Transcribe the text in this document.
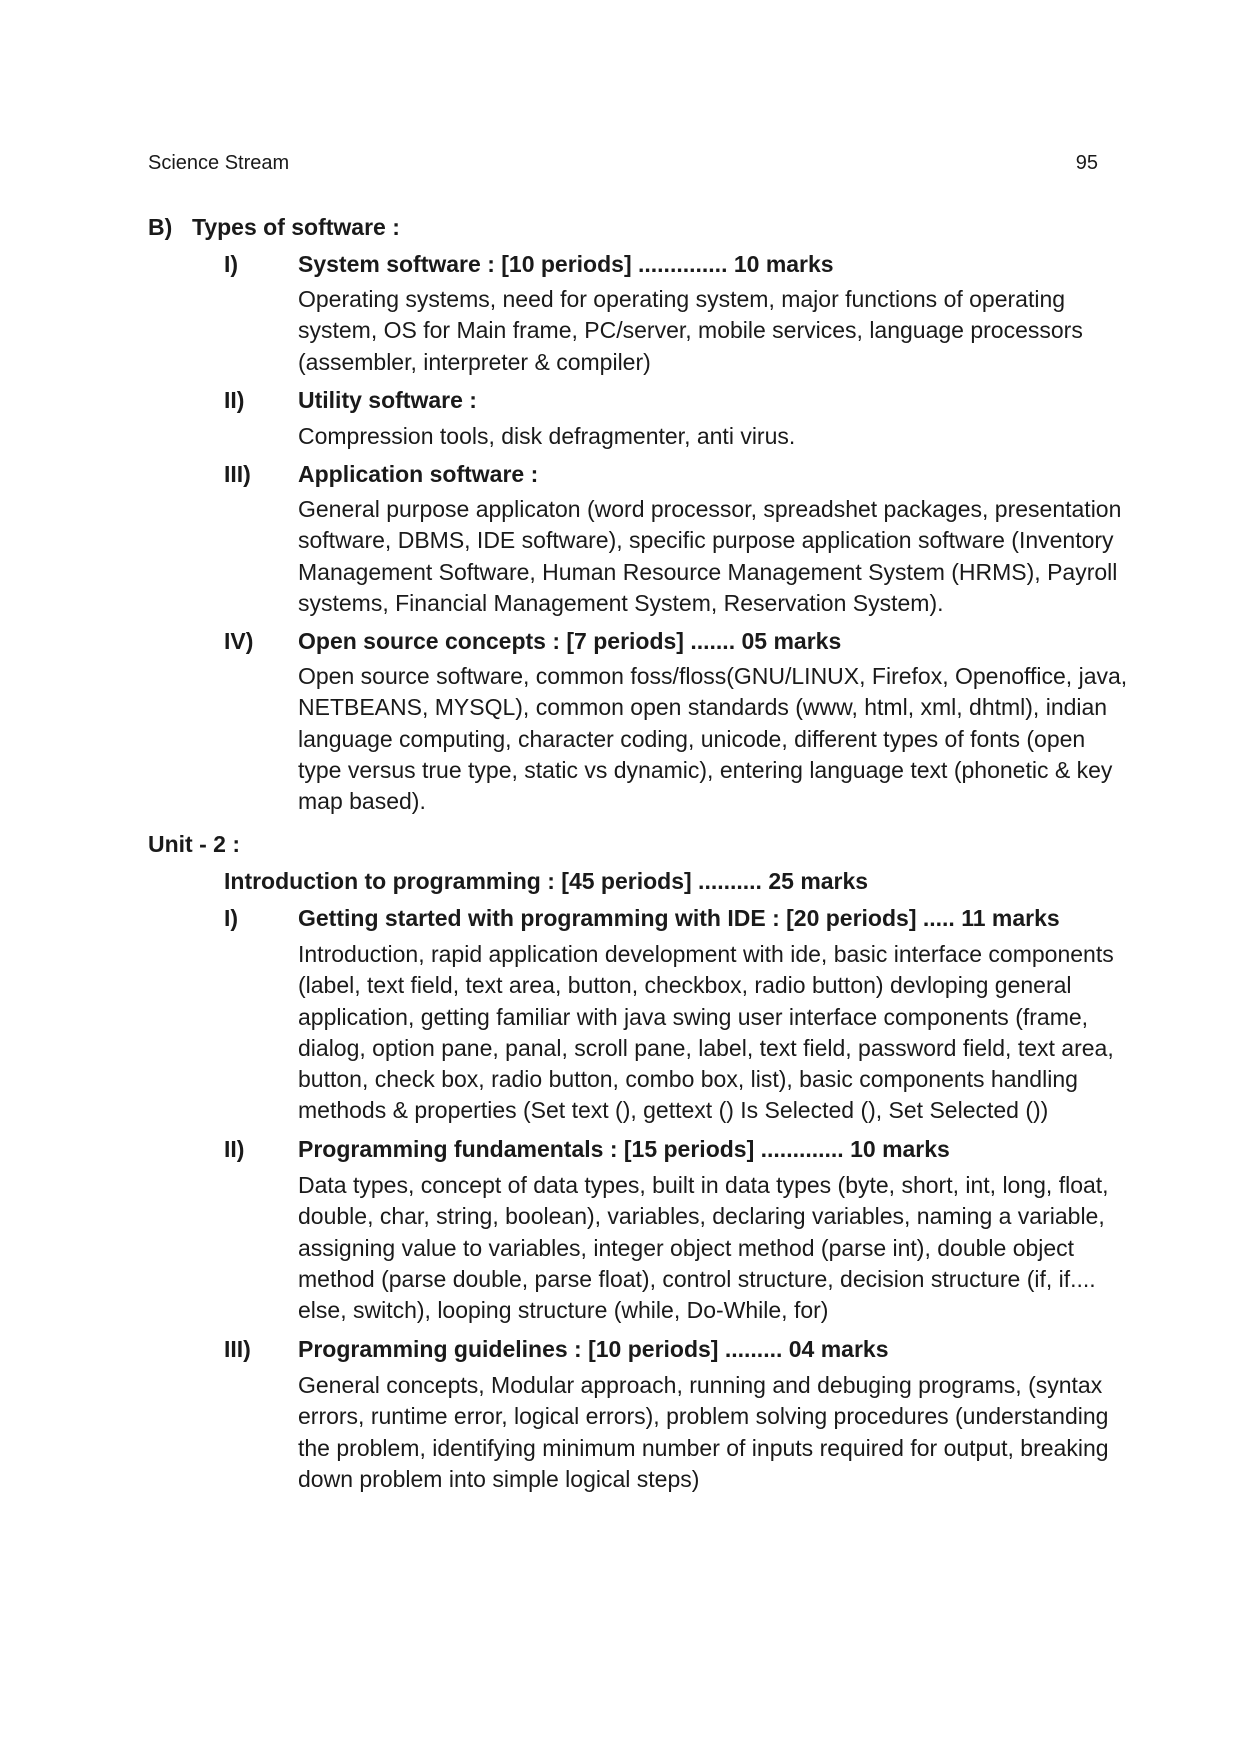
Science Stream	95
B) Types of software :
I)	System software : [10 periods] .............. 10 marks
Operating systems, need for operating system, major functions of operating
system, OS for Main frame, PC/server, mobile services, language processors
(assembler, interpreter & compiler)
II) Utility software :
Compression tools, disk defragmenter, anti virus.
III) Application software :
General purpose applicaton (word processor, spreadshet packages, presentation
software, DBMS, IDE software), specific purpose application software (Inventory
Management Software, Human Resource Management System (HRMS), Payroll
systems, Financial Management System, Reservation System).
IV) Open source concepts : [7 periods] ....... 05 marks
Open source software, common foss/floss(GNU/LINUX, Firefox, Openoffice, java,
NETBEANS, MYSQL), common open standards (www, html, xml, dhtml), indian
language computing, character coding, unicode, different types of fonts (open
type versus true type, static vs dynamic), entering language text (phonetic & key
map based).
Unit - 2 :
Introduction to programming : [45 periods] .......... 25 marks
I)	Getting started with programming with IDE : [20 periods] ..... 11 marks
Introduction, rapid application development with ide, basic interface components
(label, text field, text area, button, checkbox, radio button) devloping general
application, getting familiar with java swing user interface components (frame,
dialog, option pane, panal, scroll pane, label, text field, password field, text area,
button, check box, radio button, combo box, list), basic components handling
methods & properties (Set text (), gettext () Is Selected (), Set Selected ())
II) Programming fundamentals : [15 periods] ............. 10 marks
Data types, concept of data types, built in data types (byte, short, int, long, float,
double, char, string, boolean), variables, declaring variables, naming a variable,
assigning value to variables, integer object method (parse int), double object
method (parse double, parse float), control structure, decision structure (if, if....
else, switch), looping structure (while, Do-While, for)
III) Programming guidelines : [10 periods] ......... 04 marks
General concepts, Modular approach, running and debuging programs, (syntax
errors, runtime error, logical errors), problem solving procedures (understanding
the problem, identifying minimum number of inputs required for output, breaking
down problem into simple logical steps)
